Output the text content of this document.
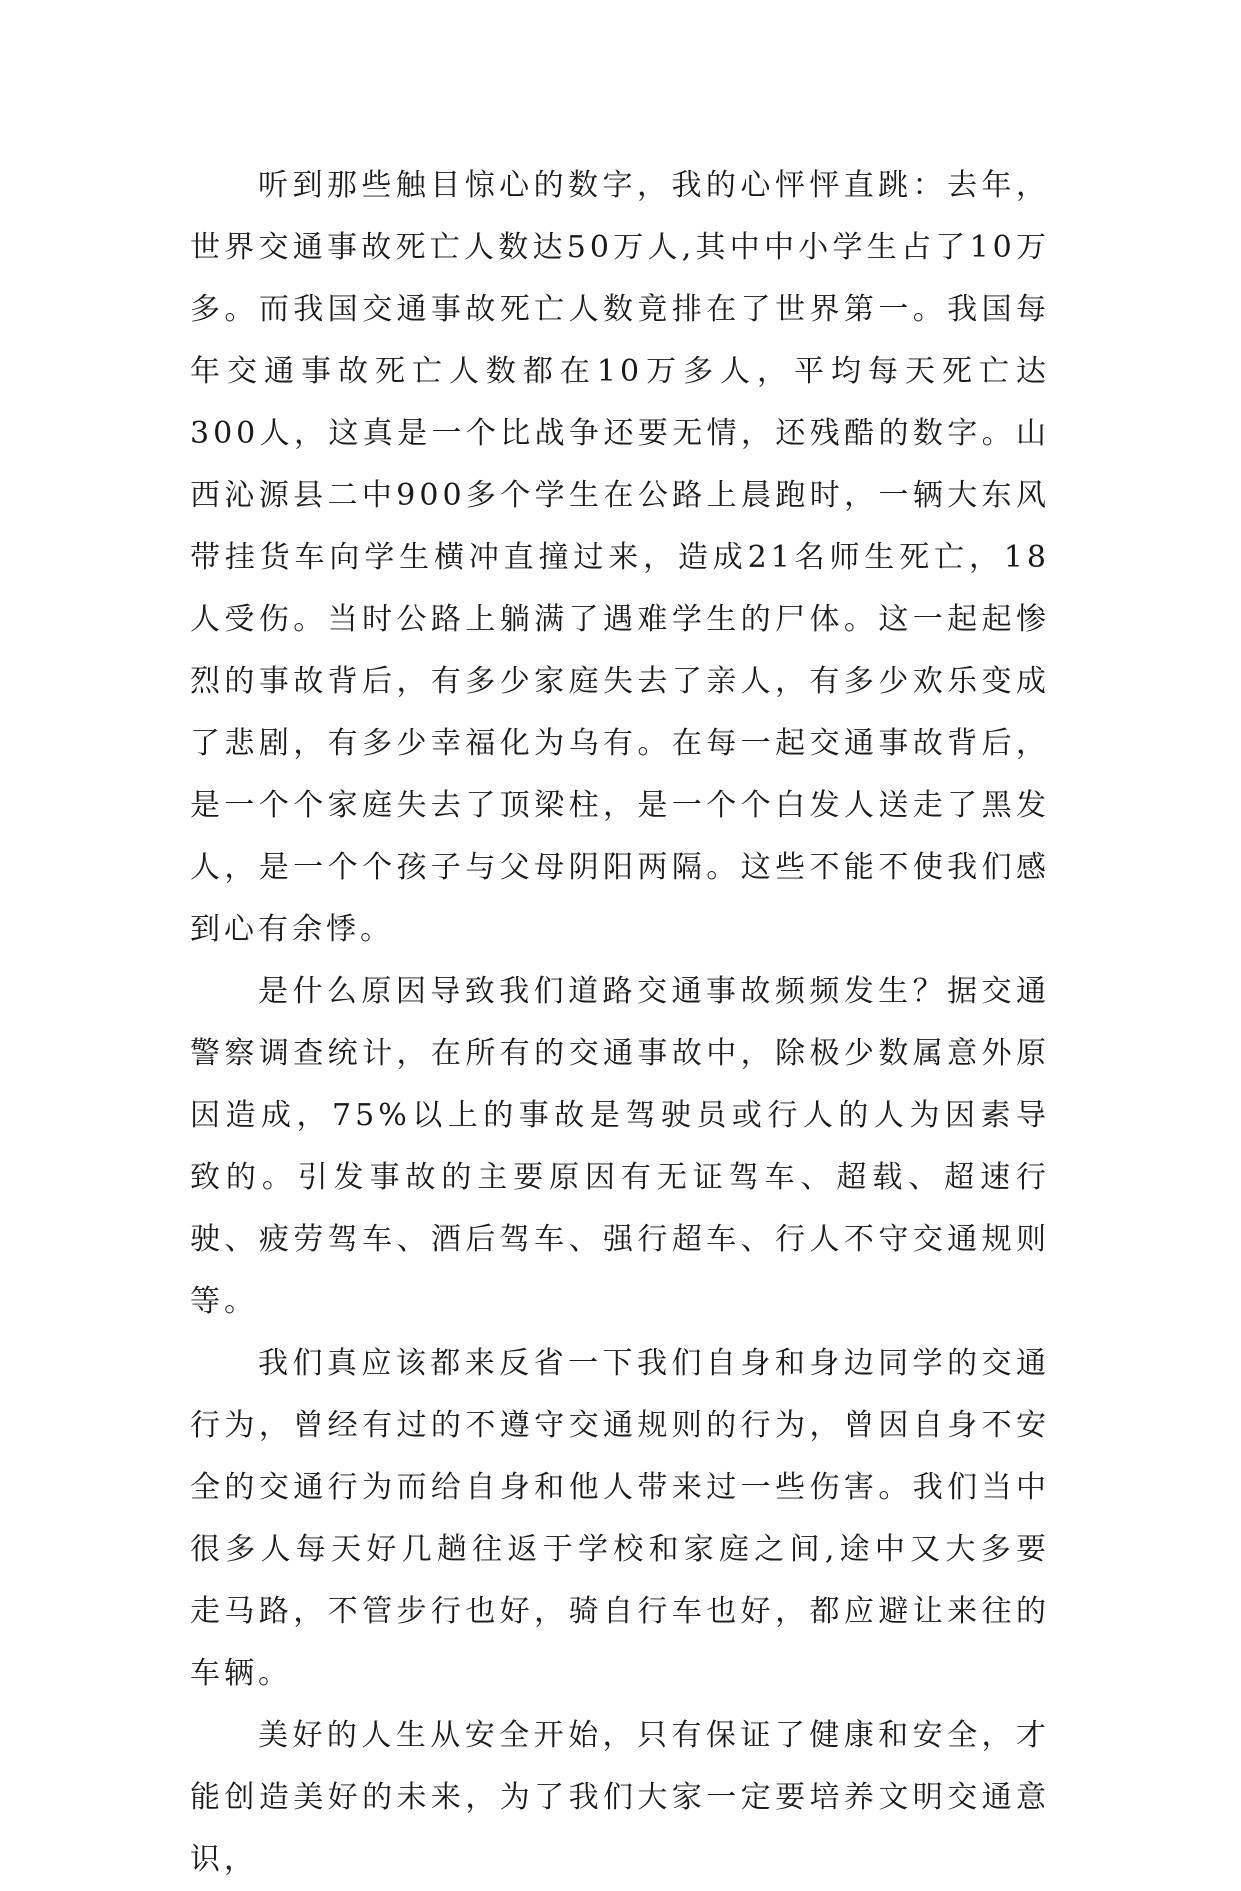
听到那些触目惊心的数字，我的心怦怦直跳：去年，世界交通事故死亡人数达50万人,其中中小学生占了10万多。而我国交通事故死亡人数竟排在了世界第一。我国每年交通事故死亡人数都在10万多人，平均每天死亡达300人，这真是一个比战争还要无情，还残酷的数字。山西沁源县二中900多个学生在公路上晨跑时，一辆大东风带挂货车向学生横冲直撞过来，造成21名师生死亡，18人受伤。当时公路上躺满了遇难学生的尸体。这一起起惨烈的事故背后，有多少家庭失去了亲人，有多少欢乐变成了悲剧，有多少幸福化为乌有。在每一起交通事故背后，是一个个家庭失去了顶梁柱，是一个个白发人送走了黑发人，是一个个孩子与父母阴阳两隔。这些不能不使我们感到心有余悸。

是什么原因导致我们道路交通事故频频发生？据交通警察调查统计，在所有的交通事故中，除极少数属意外原因造成，75%以上的事故是驾驶员或行人的人为因素导致的。引发事故的主要原因有无证驾车、超载、超速行驶、疲劳驾车、酒后驾车、强行超车、行人不守交通规则等。

我们真应该都来反省一下我们自身和身边同学的交通行为，曾经有过的不遵守交通规则的行为，曾因自身不安全的交通行为而给自身和他人带来过一些伤害。我们当中很多人每天好几趟往返于学校和家庭之间,途中又大多要走马路，不管步行也好，骑自行车也好，都应避让来往的车辆。

美好的人生从安全开始，只有保证了健康和安全，才能创造美好的未来，为了我们大家一定要培养文明交通意识，
